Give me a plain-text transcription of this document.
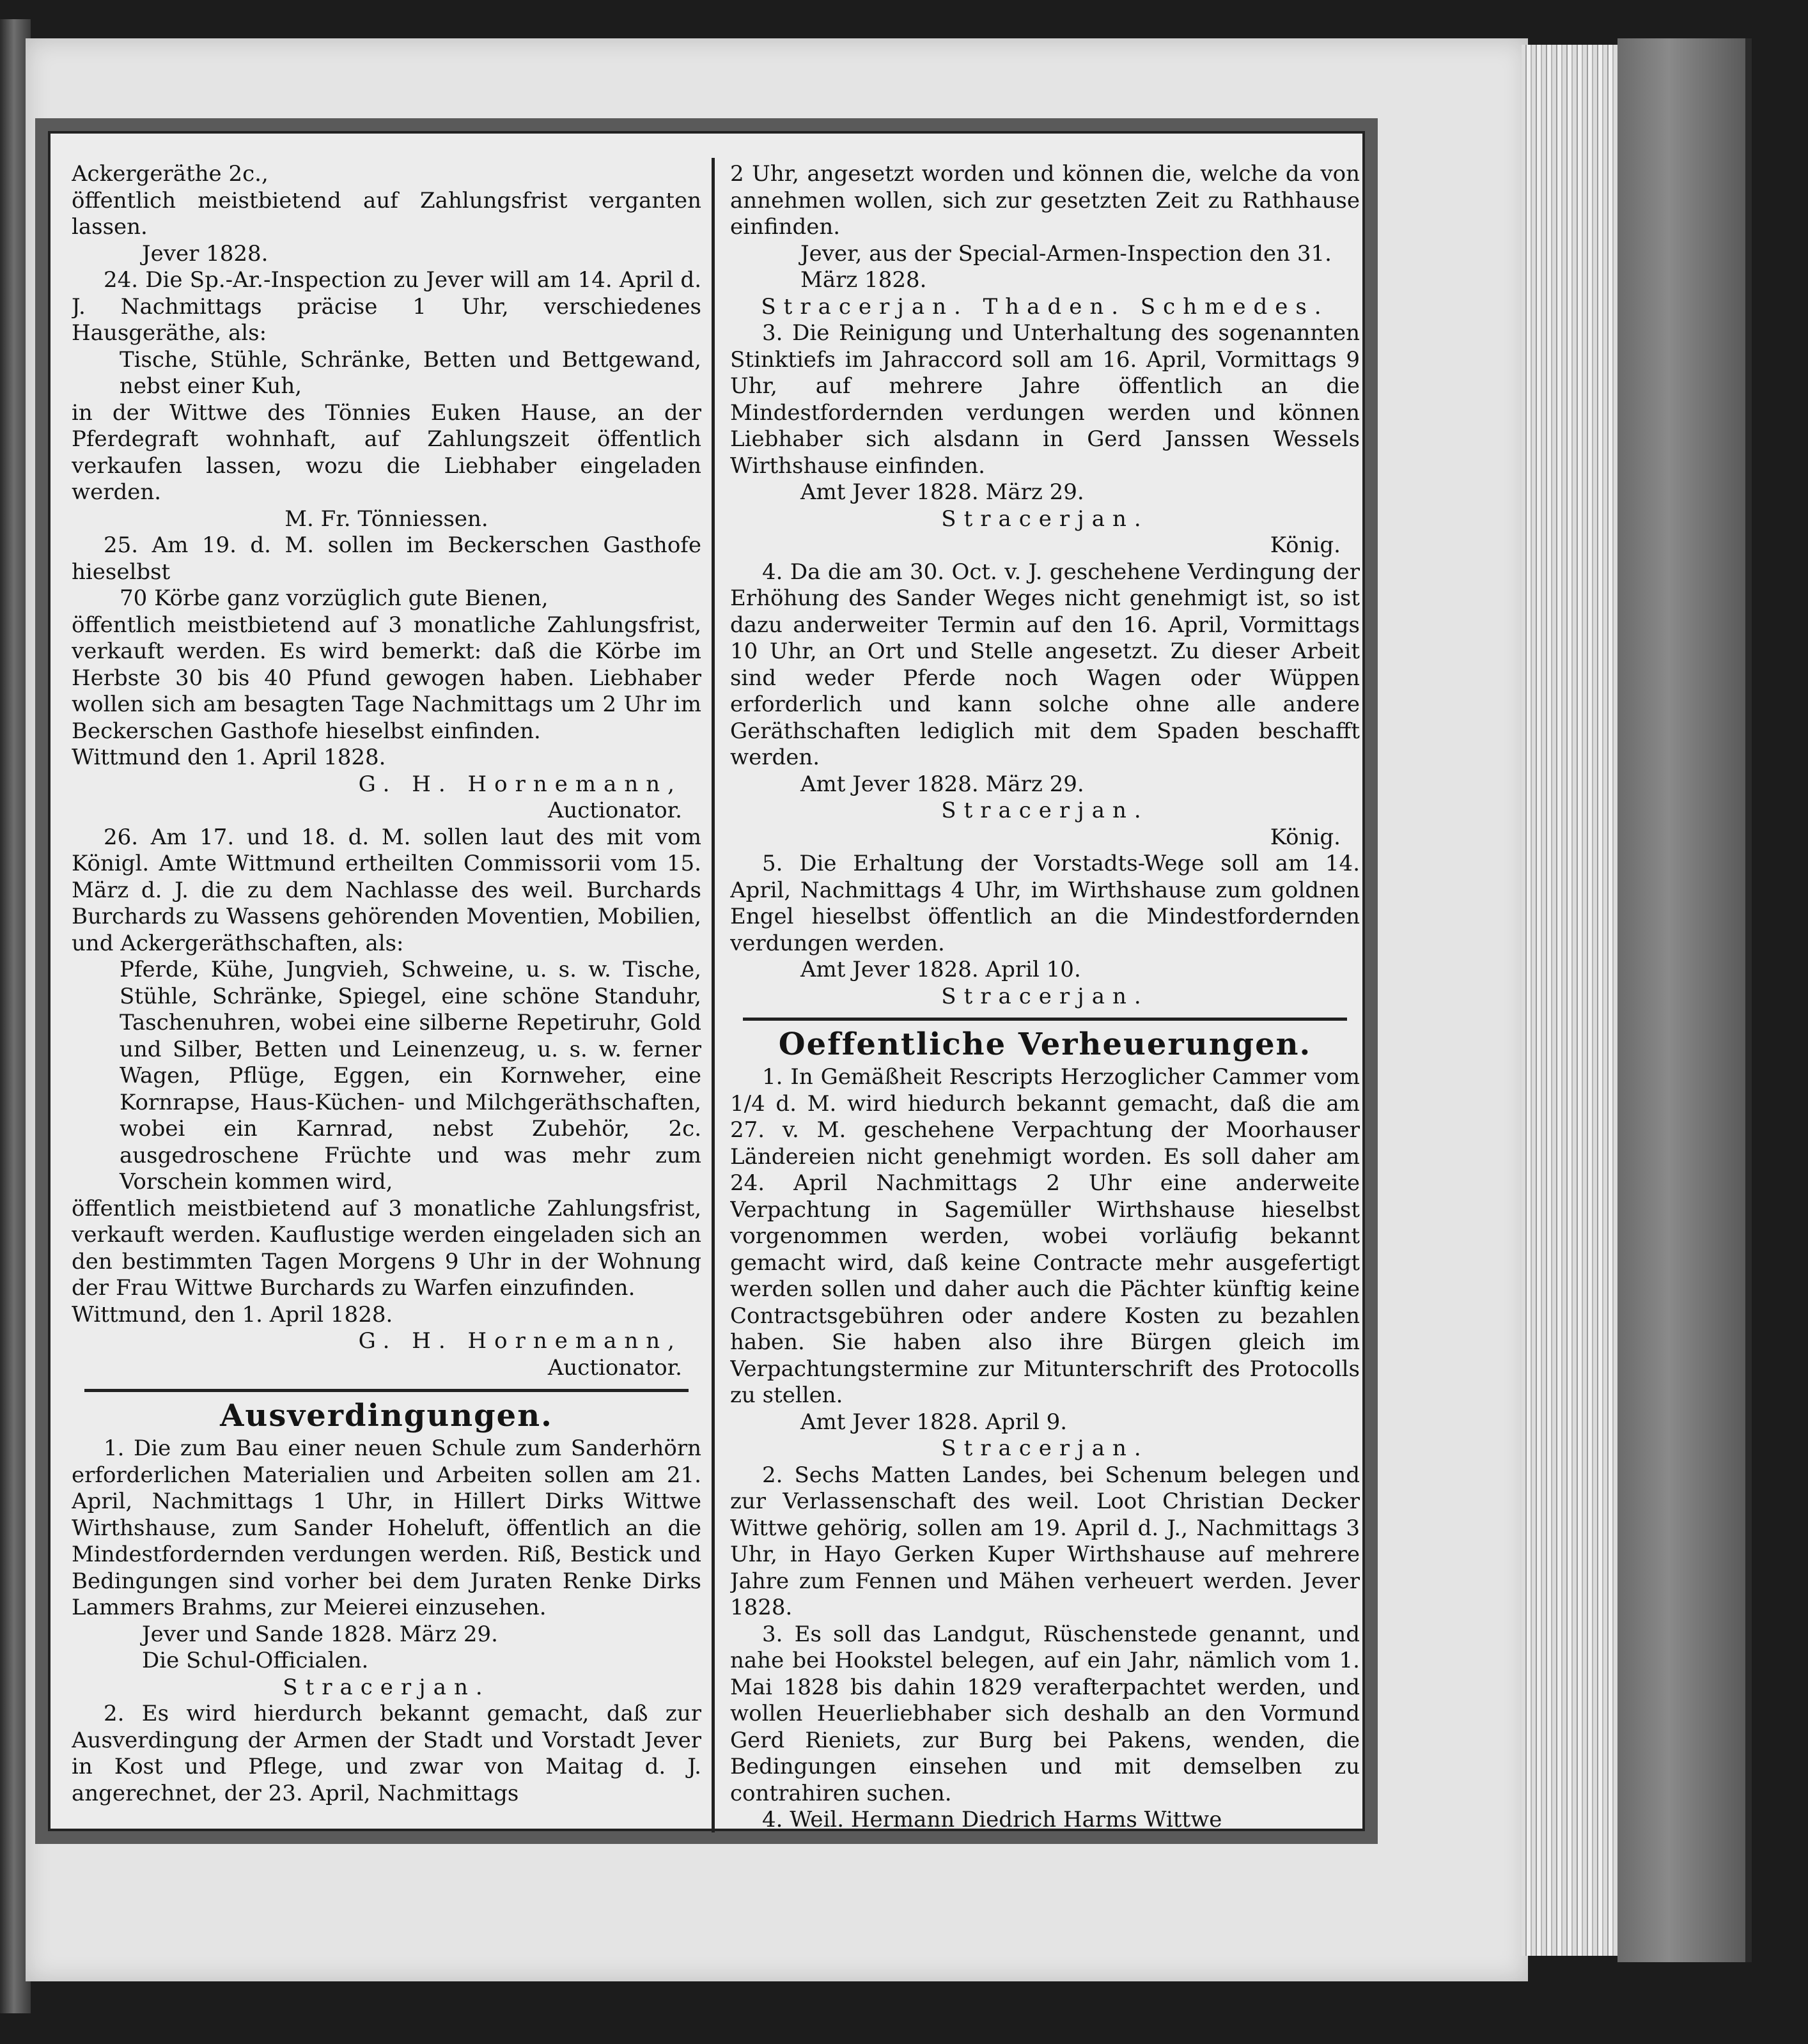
Ackergeräthe 2c.,

öffentlich meistbietend auf Zahlungsfrist verganten lassen.

Jever 1828.

24. Die Sp.-Ar.-Inspection zu Jever will am 14. April d. J. Nachmittags präcise 1 Uhr, verschiedenes Hausgeräthe, als:

Tische, Stühle, Schränke, Betten und Bettgewand, nebst einer Kuh,

in der Wittwe des Tönnies Euken Hause, an der Pferdegraft wohnhaft, auf Zahlungszeit öffentlich verkaufen lassen, wozu die Liebhaber eingeladen werden.

M. Fr. Tönniessen.

25. Am 19. d. M. sollen im Beckerschen Gasthofe hieselbst

70 Körbe ganz vorzüglich gute Bienen,

öffentlich meistbietend auf 3 monatliche Zahlungsfrist, verkauft werden. Es wird bemerkt: daß die Körbe im Herbste 30 bis 40 Pfund gewogen haben. Liebhaber wollen sich am besagten Tage Nachmittags um 2 Uhr im Beckerschen Gasthofe hieselbst einfinden.

Wittmund den 1. April 1828.

G. H. Hornemann,

Auctionator.

26. Am 17. und 18. d. M. sollen laut des mit vom Königl. Amte Wittmund ertheilten Commissorii vom 15. März d. J. die zu dem Nachlasse des weil. Burchards Burchards zu Wassens gehörenden Moventien, Mobilien, und Ackergeräthschaften, als:

Pferde, Kühe, Jungvieh, Schweine, u. s. w. Tische, Stühle, Schränke, Spiegel, eine schöne Standuhr, Taschenuhren, wobei eine silberne Repetiruhr, Gold und Silber, Betten und Leinenzeug, u. s. w. ferner Wagen, Pflüge, Eggen, ein Kornweher, eine Kornrapse, Haus-Küchen- und Milchgeräthschaften, wobei ein Karnrad, nebst Zubehör, 2c. ausgedroschene Früchte und was mehr zum Vorschein kommen wird,

öffentlich meistbietend auf 3 monatliche Zahlungsfrist, verkauft werden. Kauflustige werden eingeladen sich an den bestimmten Tagen Morgens 9 Uhr in der Wohnung der Frau Wittwe Burchards zu Warfen einzufinden.

Wittmund, den 1. April 1828.

G. H. Hornemann,

Auctionator.

Ausverdingungen.

1. Die zum Bau einer neuen Schule zum Sanderhörn erforderlichen Materialien und Arbeiten sollen am 21. April, Nachmittags 1 Uhr, in Hillert Dirks Wittwe Wirthshause, zum Sander Hoheluft, öffentlich an die Mindestfordernden verdungen werden. Riß, Bestick und Bedingungen sind vorher bei dem Juraten Renke Dirks Lammers Brahms, zur Meierei einzusehen.

Jever und Sande 1828. März 29.

Die Schul-Officialen.

Stracerjan.

2. Es wird hierdurch bekannt gemacht, daß zur Ausverdingung der Armen der Stadt und Vorstadt Jever in Kost und Pflege, und zwar von Maitag d. J. angerechnet, der 23. April, Nachmittags

2 Uhr, angesetzt worden und können die, welche da von annehmen wollen, sich zur gesetzten Zeit zu Rathhause einfinden.

Jever, aus der Special-Armen-Inspection den 31. März 1828.

Stracerjan. Thaden. Schmedes.

3. Die Reinigung und Unterhaltung des sogenannten Stinktiefs im Jahraccord soll am 16. April, Vormittags 9 Uhr, auf mehrere Jahre öffentlich an die Mindestfordernden verdungen werden und können Liebhaber sich alsdann in Gerd Janssen Wessels Wirthshause einfinden.

Amt Jever 1828. März 29.

Stracerjan.

König.

4. Da die am 30. Oct. v. J. geschehene Verdingung der Erhöhung des Sander Weges nicht genehmigt ist, so ist dazu anderweiter Termin auf den 16. April, Vormittags 10 Uhr, an Ort und Stelle angesetzt. Zu dieser Arbeit sind weder Pferde noch Wagen oder Wüppen erforderlich und kann solche ohne alle andere Geräthschaften lediglich mit dem Spaden beschafft werden.

Amt Jever 1828. März 29.

Stracerjan.

König.

5. Die Erhaltung der Vorstadts-Wege soll am 14. April, Nachmittags 4 Uhr, im Wirthshause zum goldnen Engel hieselbst öffentlich an die Mindestfordernden verdungen werden.

Amt Jever 1828. April 10.

Stracerjan.

Oeffentliche Verheuerungen.

1. In Gemäßheit Rescripts Herzoglicher Cammer vom 1/4 d. M. wird hiedurch bekannt gemacht, daß die am 27. v. M. geschehene Verpachtung der Moorhauser Ländereien nicht genehmigt worden. Es soll daher am 24. April Nachmittags 2 Uhr eine anderweite Verpachtung in Sagemüller Wirthshause hieselbst vorgenommen werden, wobei vorläufig bekannt gemacht wird, daß keine Contracte mehr ausgefertigt werden sollen und daher auch die Pächter künftig keine Contractsgebühren oder andere Kosten zu bezahlen haben. Sie haben also ihre Bürgen gleich im Verpachtungstermine zur Mitunterschrift des Protocolls zu stellen.

Amt Jever 1828. April 9.

Stracerjan.

2. Sechs Matten Landes, bei Schenum belegen und zur Verlassenschaft des weil. Loot Christian Decker Wittwe gehörig, sollen am 19. April d. J., Nachmittags 3 Uhr, in Hayo Gerken Kuper Wirthshause auf mehrere Jahre zum Fennen und Mähen verheuert werden. Jever 1828.

3. Es soll das Landgut, Rüschenstede genannt, und nahe bei Hookstel belegen, auf ein Jahr, nämlich vom 1. Mai 1828 bis dahin 1829 verafterpachtet werden, und wollen Heuerliebhaber sich deshalb an den Vormund Gerd Rieniets, zur Burg bei Pakens, wenden, die Bedingungen einsehen und mit demselben zu contrahiren suchen.

4. Weil. Hermann Diedrich Harms Wittwe
